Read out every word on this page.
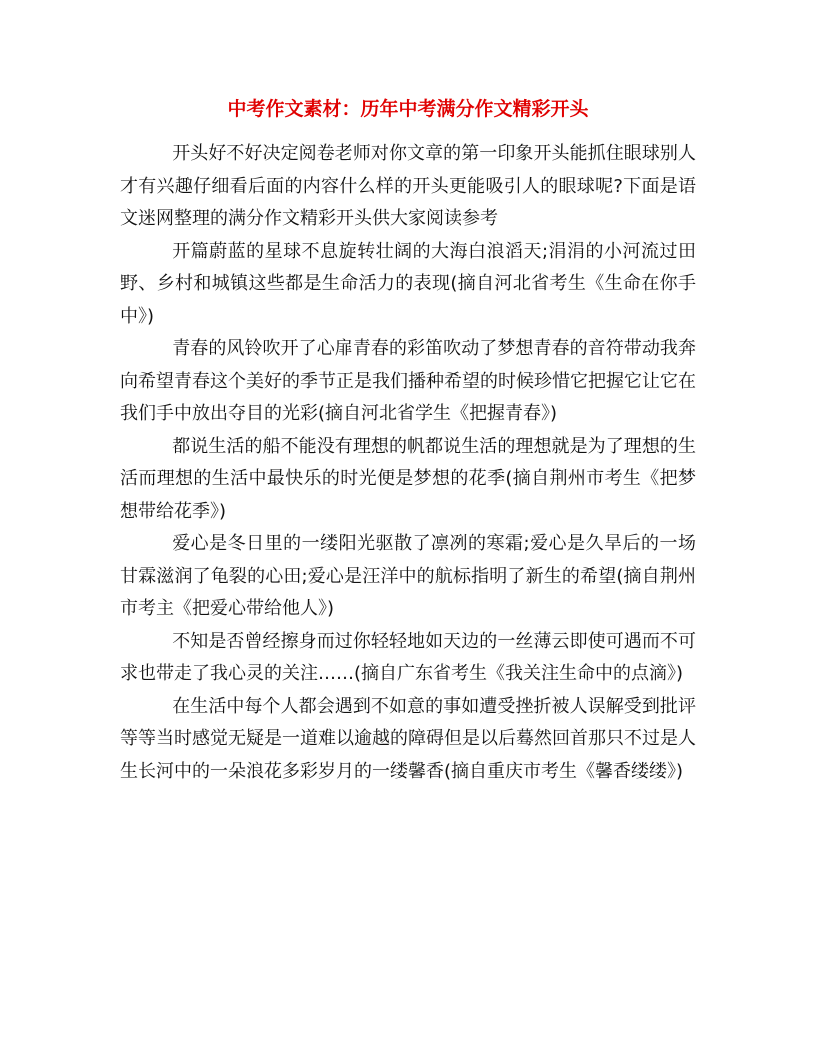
中考作文素材：历年中考满分作文精彩开头

开头好不好决定阅卷老师对你文章的第一印象开头能抓住眼球别人才有兴趣仔细看后面的内容什么样的开头更能吸引人的眼球呢?下面是语文迷网整理的满分作文精彩开头供大家阅读参考

开篇蔚蓝的星球不息旋转壮阔的大海白浪滔天;涓涓的小河流过田野、乡村和城镇这些都是生命活力的表现(摘自河北省考生《生命在你手中》)

青春的风铃吹开了心扉青春的彩笛吹动了梦想青春的音符带动我奔向希望青春这个美好的季节正是我们播种希望的时候珍惜它把握它让它在我们手中放出夺目的光彩(摘自河北省学生《把握青春》)

都说生活的船不能没有理想的帆都说生活的理想就是为了理想的生活而理想的生活中最快乐的时光便是梦想的花季(摘自荆州市考生《把梦想带给花季》)

爱心是冬日里的一缕阳光驱散了凛冽的寒霜;爱心是久旱后的一场甘霖滋润了龟裂的心田;爱心是汪洋中的航标指明了新生的希望(摘自荆州市考主《把爱心带给他人》)

不知是否曾经擦身而过你轻轻地如天边的一丝薄云即使可遇而不可求也带走了我心灵的关注……(摘自广东省考生《我关注生命中的点滴》)

在生活中每个人都会遇到不如意的事如遭受挫折被人误解受到批评等等当时感觉无疑是一道难以逾越的障碍但是以后蓦然回首那只不过是人生长河中的一朵浪花多彩岁月的一缕馨香(摘自重庆市考生《馨香缕缕》)
